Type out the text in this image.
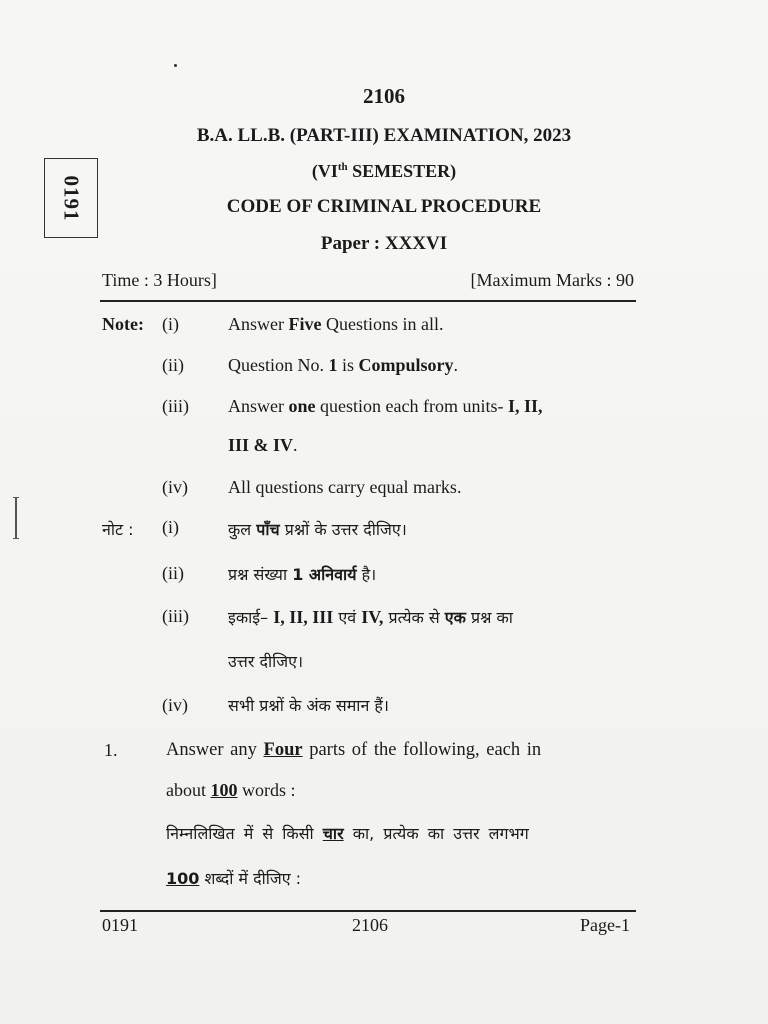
0191
2106
B.A. LL.B. (PART-III) EXAMINATION, 2023
(VIth SEMESTER)
CODE OF CRIMINAL PROCEDURE
Paper : XXXVI
Time : 3 Hours]	[Maximum Marks : 90
Note: (i)	Answer Five Questions in all.
(ii) Question No. 1 is Compulsory.
(iii) Answer one question each from units- I, II,
III & IV.
(iv) All questions carry equal marks.
नोट : (i)	कुल पाँच प्रश्नों के उत्तर दीजिए।
(ii)	प्रश्न संख्या 1 अनिवार्य है।
(iii) इकाई– I, II, III एवं IV, प्रत्येक से एक प्रश्न का
उत्तर दीजिए।
(iv)	सभी प्रश्नों के अंक समान हैं।
1.	Answer any Four parts of the following, each in
about 100 words :
निम्नलिखित में से किसी चार का, प्रत्येक का उत्तर लगभग
100 शब्दों में दीजिए :
0191	2106	Page-1
